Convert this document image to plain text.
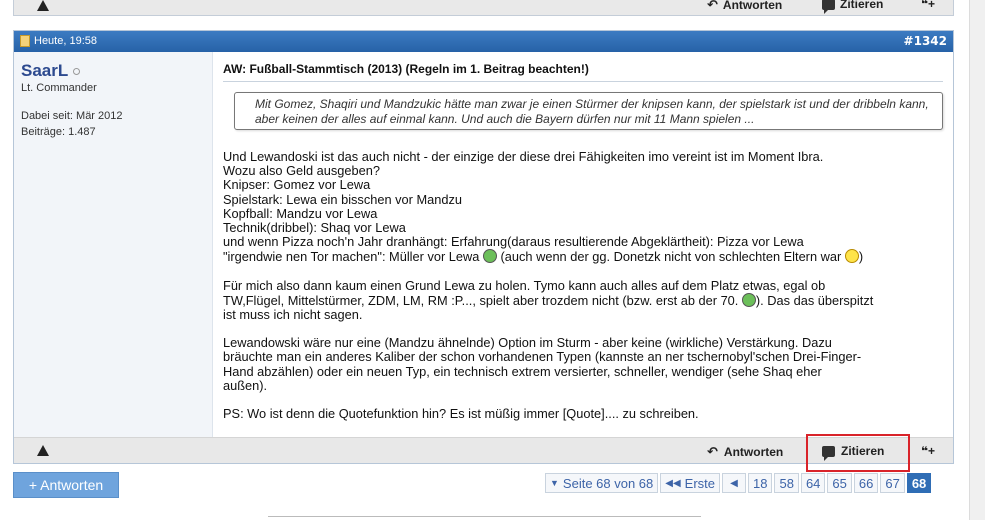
↶ Antworten	Zitieren	❝+
Heute, 19:58	#1342
SaarL
Lt. Commander
Dabei seit: Mär 2012
Beiträge: 1.487
AW: Fußball-Stammtisch (2013) (Regeln im 1. Beitrag beachten!)
Mit Gomez, Shaqiri und Mandzukic hätte man zwar je einen Stürmer der knipsen kann, der spielstark ist und der dribbeln kann, aber keinen der alles auf einmal kann. Und auch die Bayern dürfen nur mit 11 Mann spielen ...
Und Lewandoski ist das auch nicht - der einzige der diese drei Fähigkeiten imo vereint ist im Moment Ibra.
Wozu also Geld ausgeben?
Knipser: Gomez vor Lewa
Spielstark: Lewa ein bisschen vor Mandzu
Kopfball: Mandzu vor Lewa
Technik(dribbel): Shaq vor Lewa
und wenn Pizza noch'n Jahr dranhängt: Erfahrung(daraus resultierende Abgeklärtheit): Pizza vor Lewa
"irgendwie nen Tor machen": Müller vor Lewa (auch wenn der gg. Donetzk nicht von schlechten Eltern war )
Für mich also dann kaum einen Grund Lewa zu holen. Tymo kann auch alles auf dem Platz etwas, egal ob
TW,Flügel, Mittelstürmer, ZDM, LM, RM :P..., spielt aber trozdem nicht (bzw. erst ab der 70. ). Das das überspitzt
ist muss ich nicht sagen.
Lewandowski wäre nur eine (Mandzu ähnelnde) Option im Sturm - aber keine (wirkliche) Verstärkung. Dazu
bräuchte man ein anderes Kaliber der schon vorhandenen Typen (kannste an ner tschernobyl'schen Drei-Finger-
Hand abzählen) oder ein neuen Typ, ein technisch extrem versierter, schneller, wendiger (sehe Shaq eher
außen).
PS: Wo ist denn die Quotefunktion hin? Es ist müßig immer [Quote].... zu schreiben.
↶ Antworten	Zitieren	❝+
+ Antworten	▼ Seite 68 von 68 ◀◀ Erste ◀	18 58 64 65 66 67 68
